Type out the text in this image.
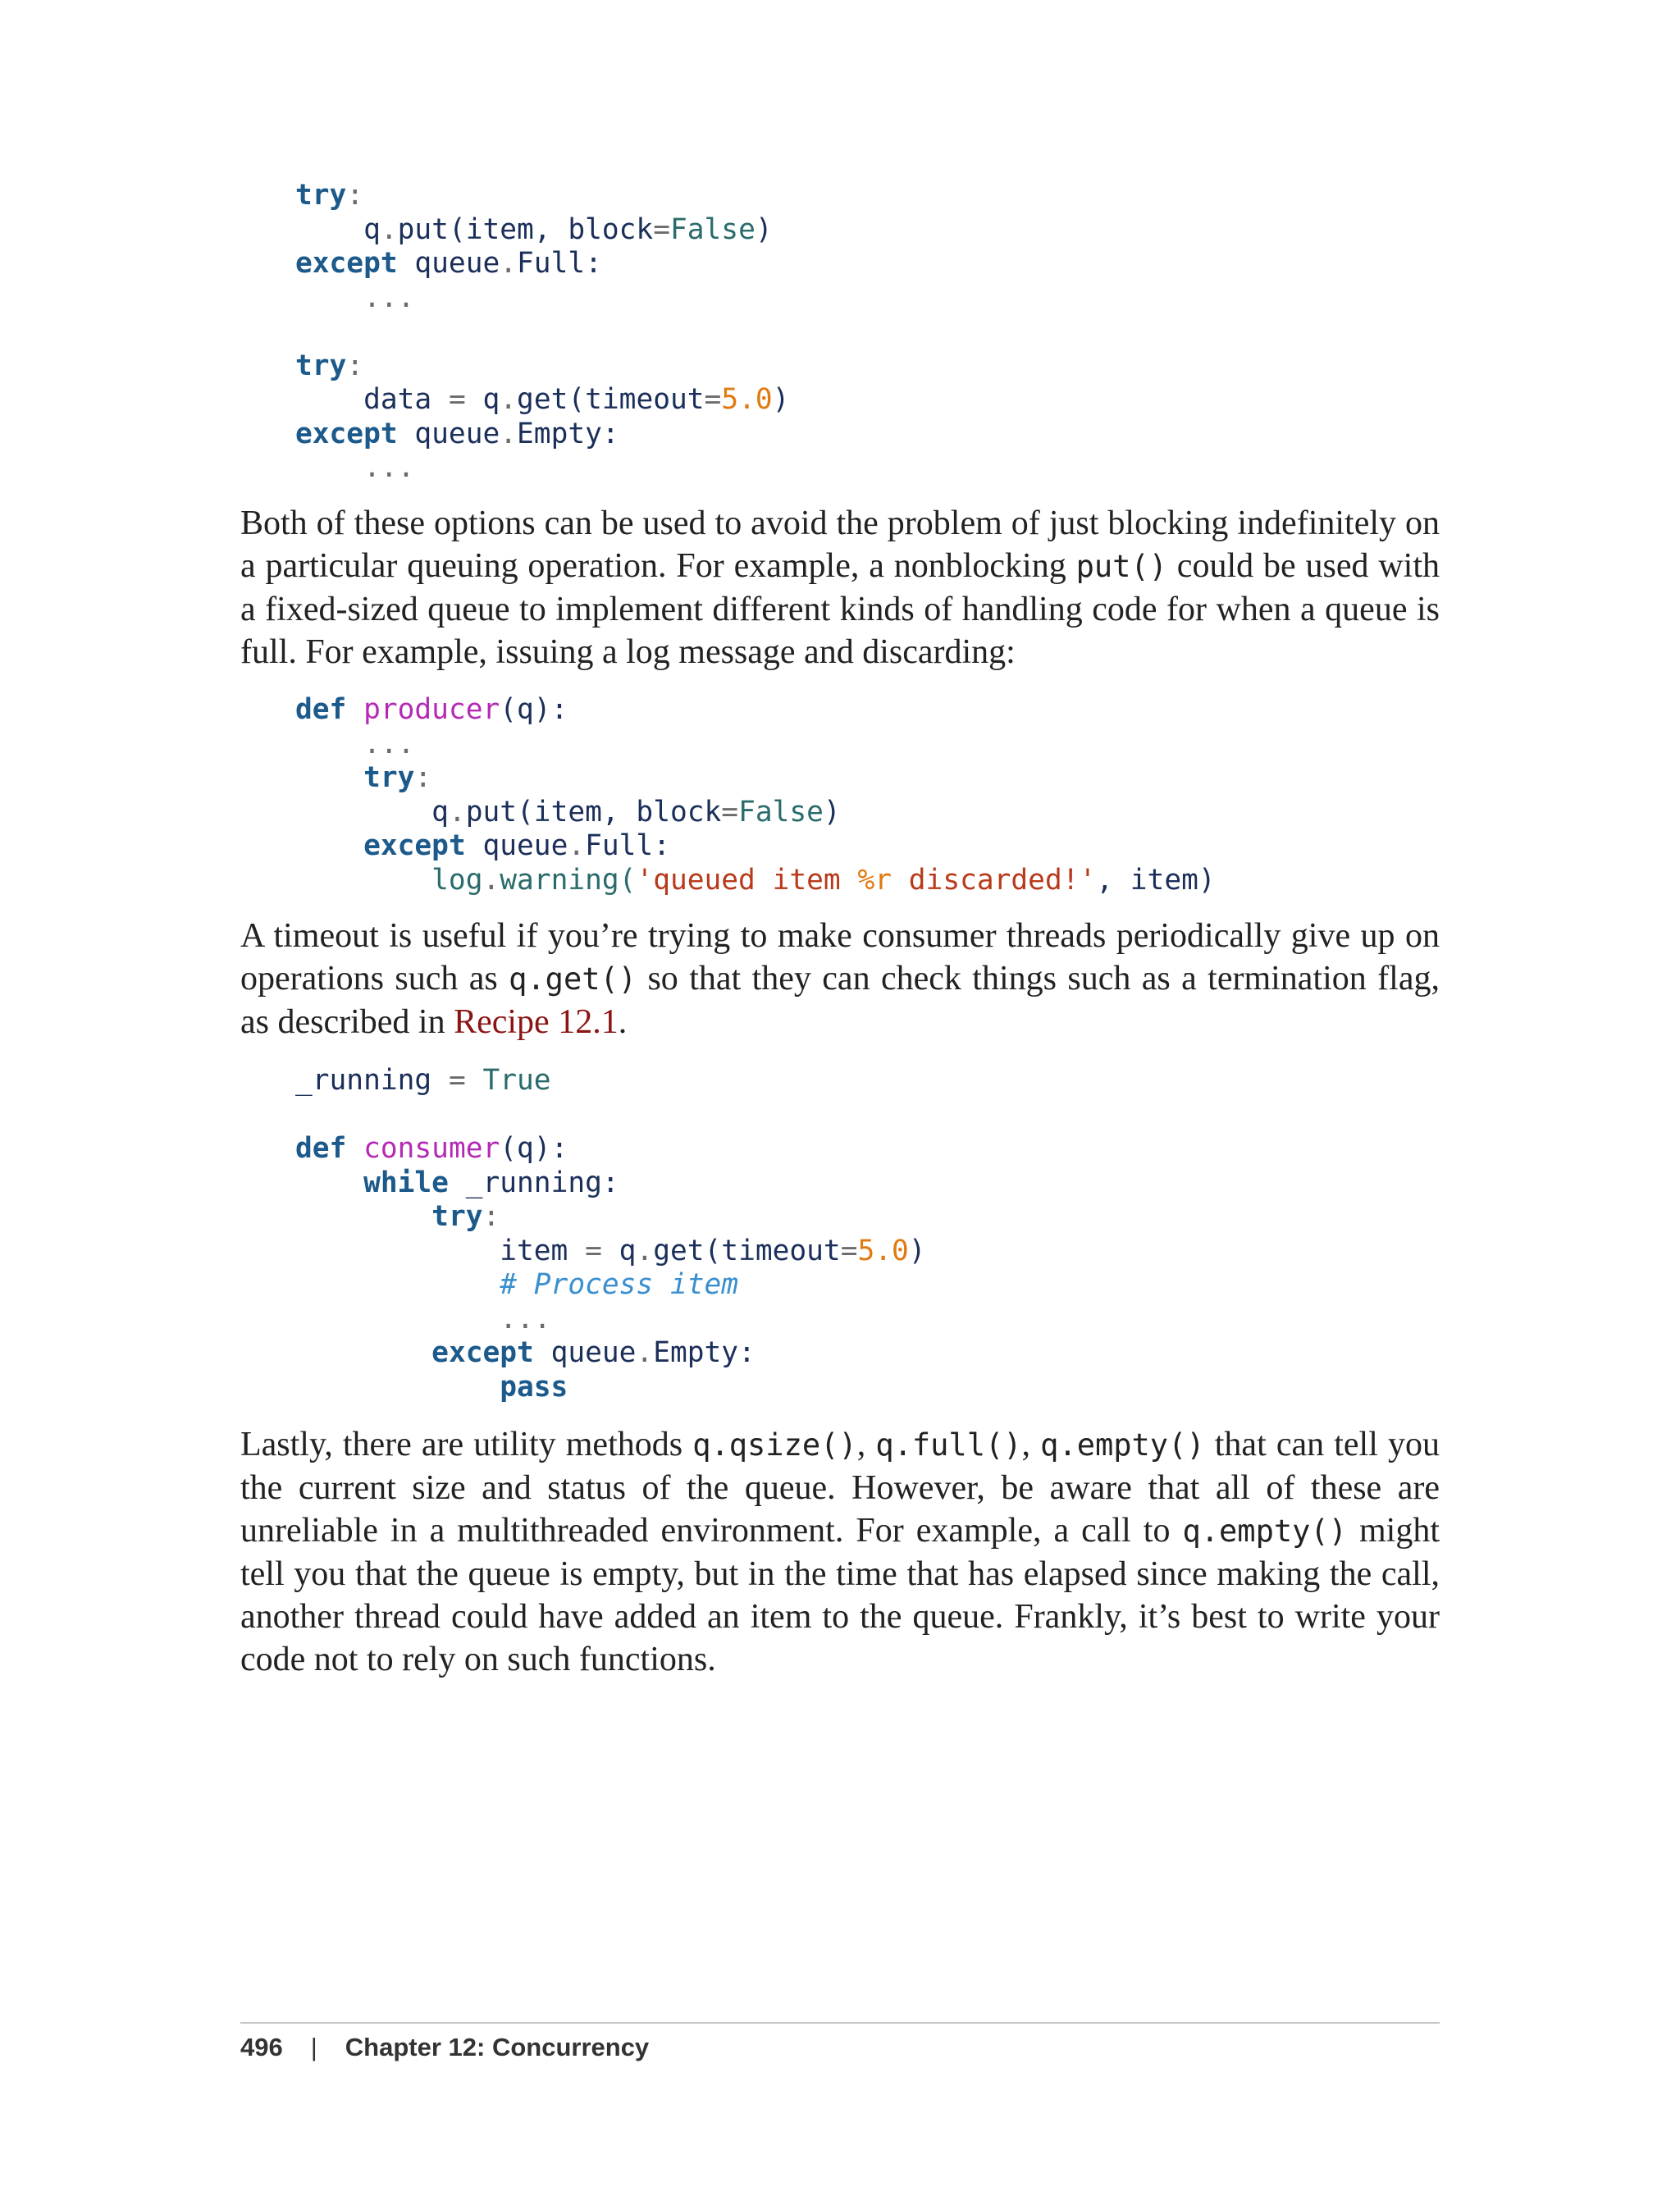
try:
q.put(item, block=False)
except queue.Full:
...
try:
data = q.get(timeout=5.0)
except queue.Empty:
...

Both of these options can be used to avoid the problem of just blocking indefinitely on a particular queuing operation. For example, a nonblocking put() could be used with a fixed-sized queue to implement different kinds of handling code for when a queue is full. For example, issuing a log message and discarding:

def producer(q):
...
try:
q.put(item, block=False)
except queue.Full:
log.warning('queued item %r discarded!', item)

A timeout is useful if you’re trying to make consumer threads periodically give up on operations such as q.get() so that they can check things such as a termination flag, as described in Recipe 12.1.

_running = True
def consumer(q):
while _running:
try:
item = q.get(timeout=5.0)
# Process item
...
except queue.Empty:
pass

Lastly, there are utility methods q.qsize(), q.full(), q.empty() that can tell you the current size and status of the queue. However, be aware that all of these are unreliable in a multithreaded environment. For example, a call to q.empty() might tell you that the queue is empty, but in the time that has elapsed since making the call, another thread could have added an item to the queue. Frankly, it’s best to write your code not to rely on such functions.

496 | Chapter 12: Concurrency
